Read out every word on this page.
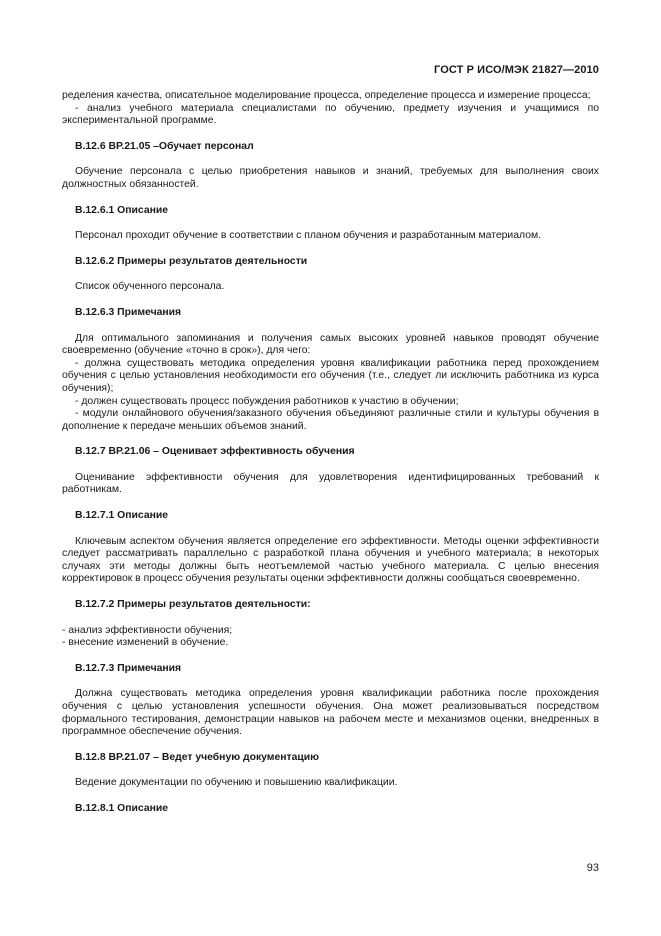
ГОСТ Р ИСО/МЭК 21827—2010

ределения качества, описательное моделирование процесса, определение процесса и измерение процесса;

- анализ учебного материала специалистами по обучению, предмету изучения и учащимися по экспериментальной программе.

В.12.6 ВР.21.05 –Обучает персонал

Обучение персонала с целью приобретения навыков и знаний, требуемых для выполнения своих должностных обязанностей.

В.12.6.1 Описание

Персонал проходит обучение в соответствии с планом обучения и разработанным материалом.

В.12.6.2 Примеры результатов деятельности

Список обученного персонала.

В.12.6.3 Примечания

Для оптимального запоминания и получения самых высоких уровней навыков проводят обучение своевременно (обучение «точно в срок»), для чего:

- должна существовать методика определения уровня квалификации работника перед прохождением обучения с целью установления необходимости его обучения (т.е., следует ли исключить работника из курса обучения);

- должен существовать процесс побуждения работников к участию в обучении;

- модули онлайнового обучения/заказного обучения объединяют различные стили и культуры обучения в дополнение к передаче меньших объемов знаний.

В.12.7 ВР.21.06 – Оценивает эффективность обучения

Оценивание эффективности обучения для удовлетворения идентифицированных требований к работникам.

В.12.7.1 Описание

Ключевым аспектом обучения является определение его эффективности. Методы оценки эффективности следует рассматривать параллельно с разработкой плана обучения и учебного материала; в некоторых случаях эти методы должны быть неотъемлемой частью учебного материала. С целью внесения корректировок в процесс обучения результаты оценки эффективности должны сообщаться своевременно.

В.12.7.2 Примеры результатов деятельности:

- анализ эффективности обучения;

- внесение изменений в обучение.

В.12.7.3 Примечания

Должна существовать методика определения уровня квалификации работника после прохождения обучения с целью установления успешности обучения. Она может реализовываться посредством формального тестирования, демонстрации навыков на рабочем месте и механизмов оценки, внедренных в программное обеспечение обучения.

В.12.8 ВР.21.07 – Ведет учебную документацию

Ведение документации по обучению и повышению квалификации.

В.12.8.1 Описание
93
